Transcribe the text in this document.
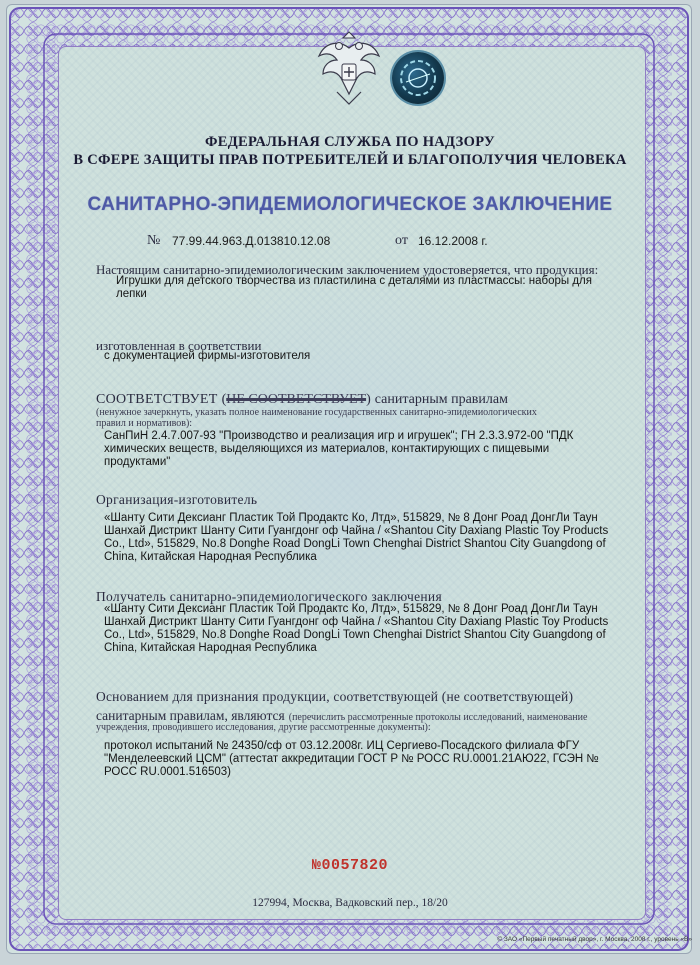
ФЕДЕРАЛЬНАЯ СЛУЖБА ПО НАДЗОРУ

В СФЕРЕ ЗАЩИТЫ ПРАВ ПОТРЕБИТЕЛЕЙ И БЛАГОПОЛУЧИЯ ЧЕЛОВЕКА

САНИТАРНО-ЭПИДЕМИОЛОГИЧЕСКОЕ ЗАКЛЮЧЕНИЕ

№ 77.99.44.963.Д.013810.12.08	от 16.12.2008 г.

Настоящим санитарно-эпидемиологическим заключением удостоверяется, что продукция:

Игрушки для детского творчества из пластилина с деталями из пластмассы: наборы для лепки

изготовленная в соответствии

с документацией фирмы-изготовителя

СООТВЕТСТВУЕТ (НЕ СООТВЕТСТВУЕТ) санитарным правилам

(ненужное зачеркнуть, указать полное наименование государственных санитарно-эпидемиологических

правил и нормативов):

СанПиН 2.4.7.007-93 "Производство и реализация игр и игрушек"; ГН 2.3.3.972-00 "ПДК химических веществ, выделяющихся из материалов, контактирующих с пищевыми продуктами"

Организация-изготовитель

«Шанту Сити Дексианг Пластик Той Продактс Ко, Лтд», 515829, № 8 Донг Роад ДонгЛи Таун Шанхай Дистрикт Шанту Сити Гуангдонг оф Чайна / «Shantou City Daxiang Plastic Toy Products Co., Ltd», 515829, No.8 Donghe Road DongLi Town Chenghai District Shantou City Guangdong of China, Китайская Народная Республика

Получатель санитарно-эпидемиологического заключения

«Шанту Сити Дексианг Пластик Той Продактс Ко, Лтд», 515829, № 8 Донг Роад ДонгЛи Таун Шанхай Дистрикт Шанту Сити Гуангдонг оф Чайна / «Shantou City Daxiang Plastic Toy Products Co., Ltd», 515829, No.8 Donghe Road DongLi Town Chenghai District Shantou City Guangdong of China, Китайская Народная Республика

Основанием для признания продукции, соответствующей (не соответствующей)

санитарным правилам, являются (перечислить рассмотренные протоколы исследований, наименование

учреждения, проводившего исследования, другие рассмотренные документы):

протокол испытаний № 24350/сф от 03.12.2008г. ИЦ Сергиево-Посадского филиала ФГУ "Менделеевский ЦСМ" (аттестат аккредитации ГОСТ Р № РОСС RU.0001.21АЮ22, ГСЭН № РОСС RU.0001.516503)

№0057820

127994, Москва, Вадковский пер., 18/20

© ЗАО «Первый печатный двор», г. Москва, 2008 г., уровень «В»
